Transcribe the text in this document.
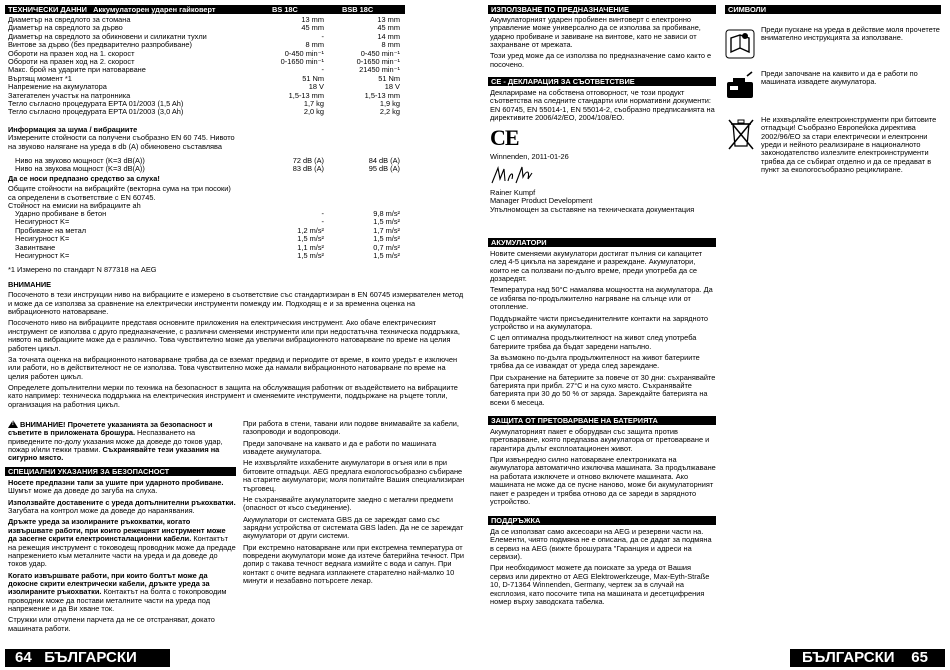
ТЕХНИЧЕСКИ ДАННИ Аккумулаторен ударен гайковерт	BS 18C	BSB 18C
Диаметър на свредлото за стомана	13 mm	13 mm
Диаметър на свредлото за дърво	45 mm	45 mm
Диаметър на свредлото за обикновени и силикатни тухли	-	14 mm
Винтове за дърво (без предварително разпробиване)	8 mm	8 mm
Обороти на празен ход на 1. скорост	0-450 min⁻¹	0-450 min⁻¹
Обороти на празен ход на 2. скорост	0-1650 min⁻¹	0-1650 min⁻¹
Макс. брой на ударите при натоварване	-	21450 min⁻¹
Въртящ момент *1	51 Nm	51 Nm
Напрежение на акумулатора	18 V	18 V
Затегателен участък на патронника	1,5-13 mm	1,5-13 mm
Тегло съгласно процедурата EPTA 01/2003 (1,5 Ah)	1,7 kg	1,9 kg
Тегло съгласно процедурата EPTA 01/2003 (3,0 Ah)	2,0 kg	2,2 kg

Информация за шума / вибрациите

Измерените стойности са получени съобразно EN 60 745. Нивото на звуково налягане на уреда в db (A) обикновено съставлява

Ниво на звуково мощност (K=3 dB(A))	72 dB (A)	84 dB (A)
Ниво на звукова мощност (K=3 dB(A))	83 dB (A)	95 dB (A)

Да се носи предпазно средство за слуха!

Общите стойности на вибрацийте (векторна сума на три посоки) са определени в съответствие с EN 60745.

Стойност на емисии на вибрациите ah

Ударно пробиване в бетон	-	9,8 m/s²
Несигурност K=	-	1,5 m/s²
Пробиване на метал	1,2 m/s²	1,7 m/s²
Несигурност K=	1,5 m/s²	1,5 m/s²
Завинтване	1,1 m/s²	0,7 m/s²
Несигурност K=	1,5 m/s²	1,5 m/s²
*1 Измерено по стандарт N 877318 на AEG

ВНИМАНИЕ

Посоченото в тези инструкции ниво на вибрациите е измерено в съответствие със стандартизиран в EN 60745 измервателен метод и може да се използва за сравнение на електрически инструменти помежду им. Подходящ е и за временна оценка на вибрационното натоварване.

Посоченото ниво на вибрациите представя основните приложения на електрическия инструмент. Ако обаче електрическият инструмент се използва с друго предназначение, с различни сменяеми инструменти или при недостатъчна техническа поддръжка, нивото на вибрациите може да е различно. Това чувствително може да увеличи вибрационното натоварване по време на целия работен цикъл.

За точната оценка на вибрационното натоварване трябва да се вземат предвид и периодите от време, в които уредът е изключен или работи, но в действителност не се използва. Това чувствително може да намали вибрационното натоварване по време на целия работен цикъл.

Определете допълнителни мерки по техника на безопасност в защита на обслужващия работник от въздействието на вибрациите като например: техническа поддръжка на електрическия инструмент и сменяемите инструменти, поддържане на ръцете топли, организация на работния цикъл.

! ВНИМАНИЕ! Прочетете указанията за безопасност и съветите в приложената брошура. Неспазването на приведените по-долу указания може да доведе до токов удар, пожар и/или тежки травми. Съхранявайте тези указания на сигурно място.

СПЕЦИАЛНИ УКАЗАНИЯ ЗА БЕЗОПАСНОСТ

Носете предпазни тапи за ушите при ударното пробиване. Шумът може да доведе до загуба на слуха.

Използвайте доставените с уреда допълнителни ръкохватки. Загубата на контрол може да доведе до наранявания.

Дръжте уреда за изолираните ръкохватки, когато извършвате работи, при които режещият инструмент може да засегне скрити електроинсталационни кабели. Контактът на режещия инструмент с тоководещ проводник може да предаде напрежението към металните части на уреда и да доведе до токов удар.

Когато извършвате работи, при които болтът може да докосне скрити електрически кабели, дръжте уреда за изолираните ръкохватки. Контактът на болта с токопроводим проводник може да постави металните части на уреда под напрежение и да Ви хване ток.

Стружки или отчупени парчета да не се отстраняват, докато машината работи.

При работа в стени, тавани или подове внимавайте за кабели, газопроводи и водопроводи.

Преди започване на каквато и да е работи по машината извадете акумулатора.

Не изхвърляйте изхабените акумулатори в огъня или в при битовите отпадъци. AEG предлага екологосъобразно събиране на старите акумулатори; моля попитайте Вашия специализиран търговец.

Не съхранявайте акумулаторите заедно с метални предмети (опасност от късо съединение).

Акумулатори от системата GBS да се зареждат само със зарядни устройства от системата GBS laden. Да не се зареждат акумулатори от други системи.

При екстремно натоварване или при екстремна температура от повредени акумулатори може да изтече батерийна течност. При допир с такава течност веднага измийте с вода и сапун. При контакт с очите веднага изплакнете старателно най-малко 10 минути и незабавно потърсете лекар.

64 БЪЛГАРСКИ
ИЗПОЛЗВАНЕ ПО ПРЕДНАЗНАЧЕНИЕ

Акумулаторният ударен пробивен винтоверт с електронно управление може универсално да се използва за пробиване, ударно пробиване и завиване на винтове, като не зависи от захранване от мрежата.

Този уред може да се използва по предназначение само както е посочено.

CE - ДЕКЛАРАЦИЯ ЗА СЪОТВЕТСТВИЕ

Декларираме на собствена отговорност, че този продукт съответства на следните стандарти или нормативни документи: EN 60745, EN 55014-1, EN 55014-2, съобразно предписанията на директивите 2006/42/EO, 2004/108/EO.

CE

Winnenden, 2011-01-26

Rainer Kumpf

Manager Product Development

Упълномощен за съставяне на техническата документация

АКУМУЛАТОРИ

Новите сменяеми акумулатори достигат пълния си капацитет след 4-5 цикъла на зареждане и разреждане. Акумулатори, които не са ползвани по-дълго време, преди употреба да се дозаредят.

Температура над 50°C намалява мощността на акумулатора. Да се избягва по-продължително нагряване на слънце или от отопление.

Поддържайте чисти присъединителните контакти на зарядното устройство и на акумулатора.

С цел оптимална продължителност на живот след употреба батериите трябва да бъдат заредени напълно.

За възможно по-дълга продължителност на живот батериите трябва да се изваждат от уреда след зареждане.

При съхранение на батериите за повече от 30 дни: съхранявайте батерията при прибл. 27°C и на сухо място. Съхранявайте батерията при 30 до 50 % от заряда. Зареждайте батерията на всеки 6 месеца.

ЗАЩИТА ОТ ПРЕТОВАРВАНЕ НА БАТЕРИЯТА

Акумулаторният пакет е оборудван със защита против претоварване, която предпазва акумулатора от претоварване и гарантира дълъг експлоатационен живот.

При извънредно силно натоварване електрониката на акумулатора автоматично изключва машината. За продължаване на работата изключете и отново включете машината. Ако машината не може да се пусне наново, може би акумулаторният пакет е разреден и трябва отново да се зареди в зарядното устройство.

ПОДДРЪЖКА

Да се използват само аксесоари на AEG и резервни части на. Елементи, чиято подмяна не е описана, да се дадат за подмяна в сервиз на AEG (вижте брошурата "Гаранция и адреси на сервизи).

При необходимост можете да поискате за уреда от Вашия сервиз или директно от AEG Elektrowerkzeuge, Max-Eyth-Straße 10, D-71364 Winnenden, Germany, чертеж за в случай на експлозия, като посочите типа на машината и десетцифрения номер върху заводската табелка.

СИМВОЛИ
Преди пускане на уреда в действие моля прочетете внимателно инструкцията за използване.
Преди започване на каквито и да е работи по машината извадете акумулатора.
Не изхвърляйте електроинструменти при битовите отпадъци! Съобразно Европейска директива 2002/96/EO за стари електрически и електронни уреди и нейното реализиране в националното законодателство излезлите електроинструменти трябва да се събират отделно и да се предават в пункт за екологосъобразно рециклиране.
БЪЛГАРСКИ 65
